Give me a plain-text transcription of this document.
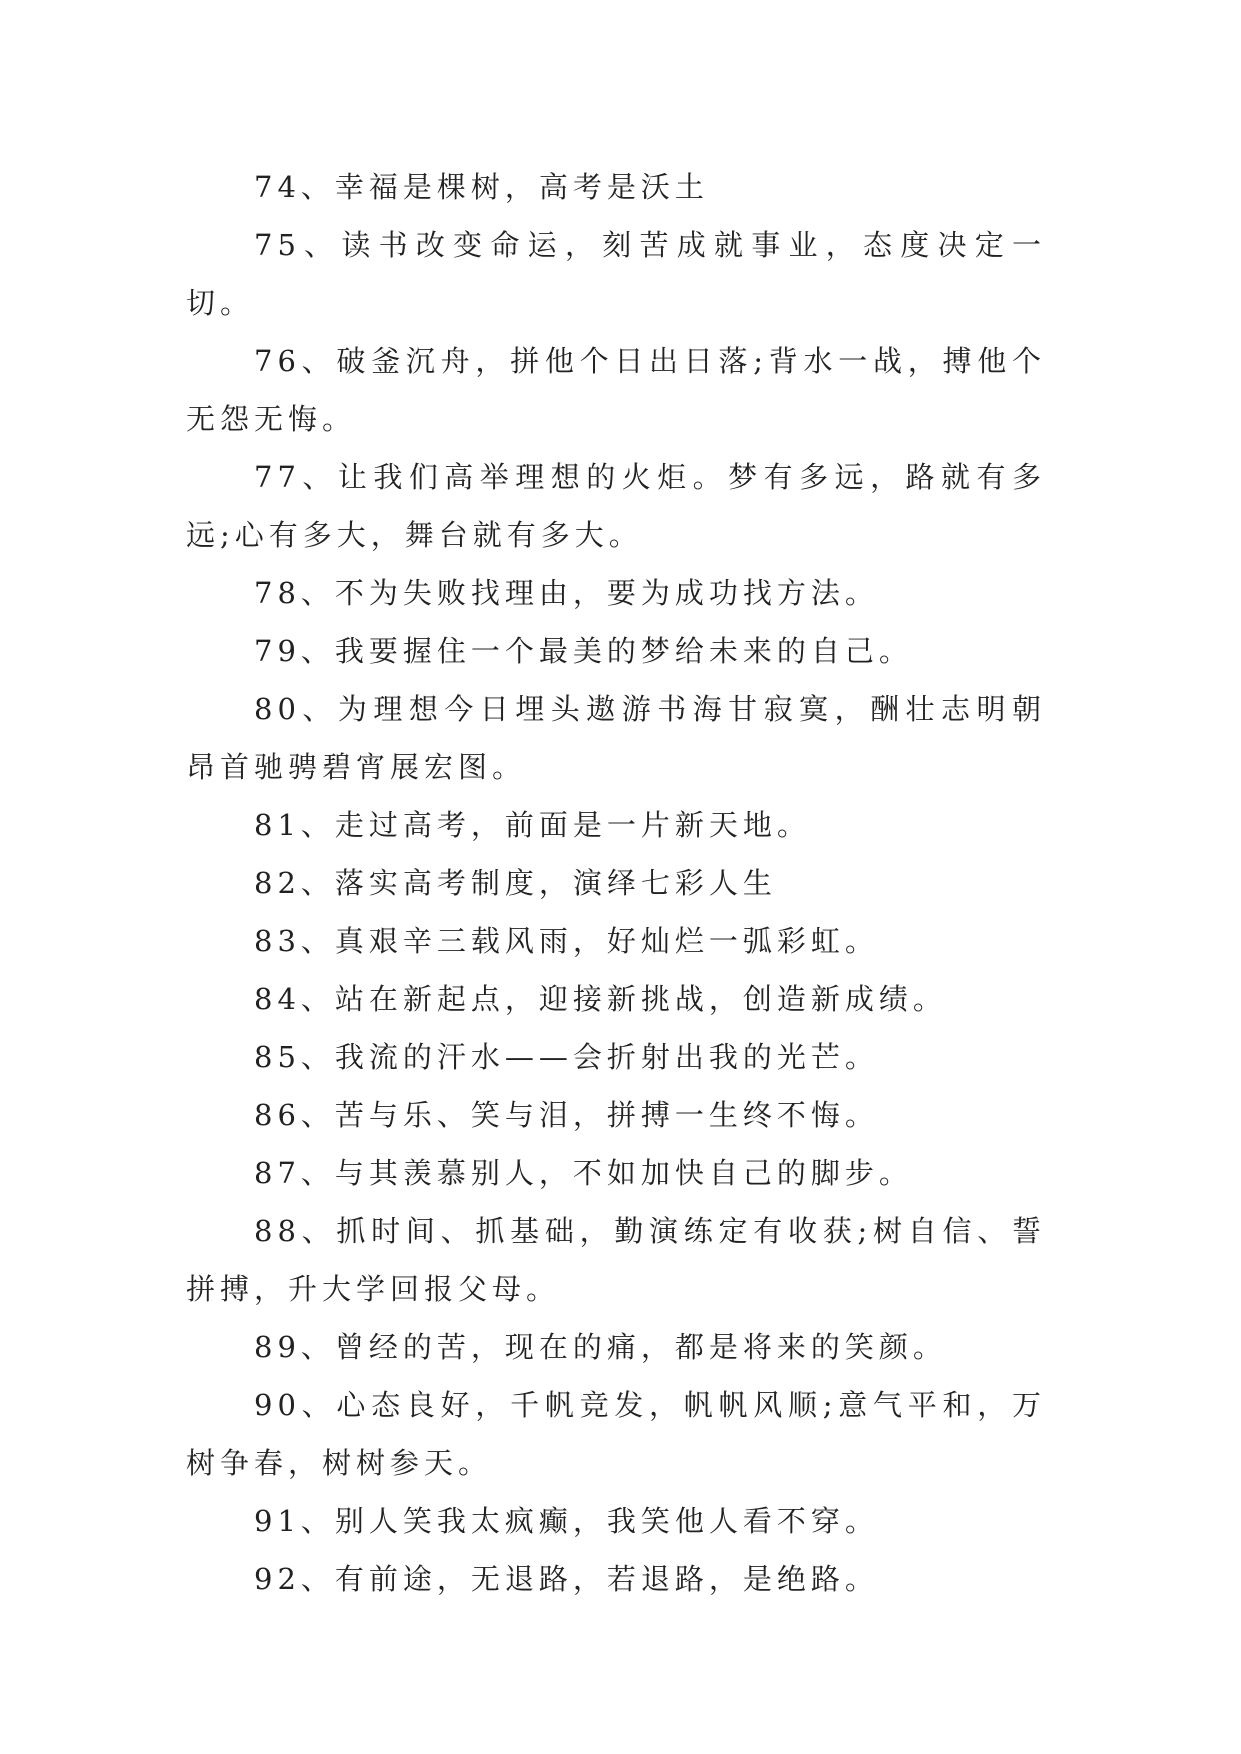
74、幸福是棵树，高考是沃土

75、读书改变命运，刻苦成就事业，态度决定一切。

76、破釜沉舟，拼他个日出日落;背水一战，搏他个无怨无悔。

77、让我们高举理想的火炬。梦有多远，路就有多远;心有多大，舞台就有多大。

78、不为失败找理由，要为成功找方法。

79、我要握住一个最美的梦给未来的自己。

80、为理想今日埋头遨游书海甘寂寞，酬壮志明朝昂首驰骋碧宵展宏图。

81、走过高考，前面是一片新天地。

82、落实高考制度，演绎七彩人生

83、真艰辛三载风雨，好灿烂一弧彩虹。

84、站在新起点，迎接新挑战，创造新成绩。

85、我流的汗水——会折射出我的光芒。

86、苦与乐、笑与泪，拼搏一生终不悔。

87、与其羡慕别人，不如加快自己的脚步。

88、抓时间、抓基础，勤演练定有收获;树自信、誓拼搏，升大学回报父母。

89、曾经的苦，现在的痛，都是将来的笑颜。

90、心态良好，千帆竞发，帆帆风顺;意气平和，万树争春，树树参天。

91、别人笑我太疯癫，我笑他人看不穿。

92、有前途，无退路，若退路，是绝路。
